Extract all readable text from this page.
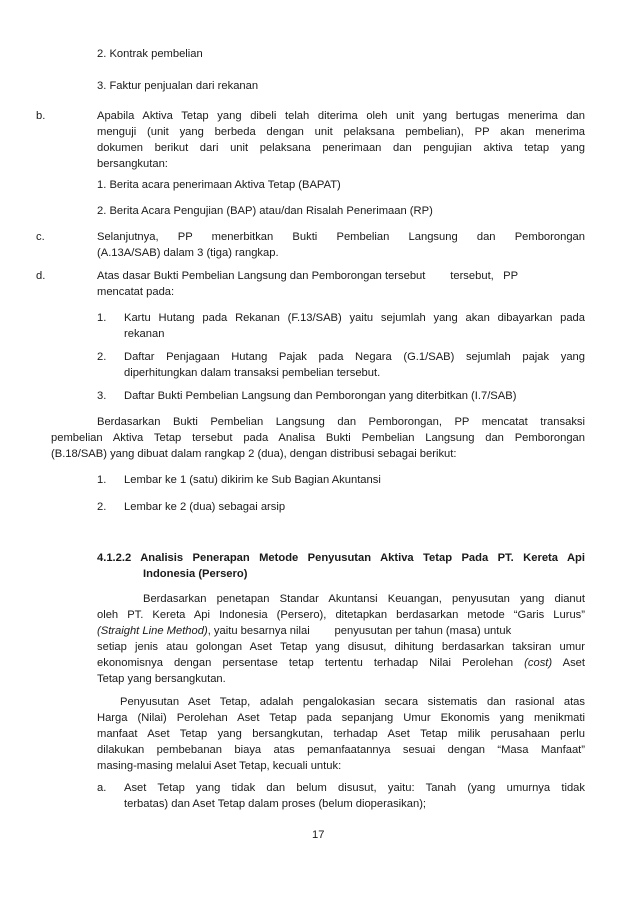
2. Kontrak pembelian
3. Faktur penjualan dari rekanan
b.	Apabila Aktiva Tetap yang dibeli telah diterima oleh unit yang bertugas menerima dan
menguji (unit yang berbeda dengan unit pelaksana pembelian), PP akan menerima
dokumen berikut dari unit pelaksana penerimaan dan pengujian aktiva tetap yang
bersangkutan:
1. Berita acara penerimaan Aktiva Tetap (BAPAT)
2. Berita Acara Pengujian (BAP) atau/dan Risalah Penerimaan (RP)
c.	Selanjutnya, PP menerbitkan Bukti Pembelian Langsung dan Pemborongan
(A.13A/SAB) dalam 3 (tiga) rangkap.
d.	Atas dasar Bukti Pembelian Langsung dan Pemborongan tersebut        tersebut,   PP
mencatat pada:
1. Kartu Hutang pada Rekanan (F.13/SAB) yaitu sejumlah yang akan dibayarkan pada
rekanan
2. Daftar Penjagaan Hutang Pajak pada Negara (G.1/SAB) sejumlah pajak yang
diperhitungkan dalam transaksi pembelian tersebut.
3. Daftar Bukti Pembelian Langsung dan Pemborongan yang diterbitkan (I.7/SAB)
Berdasarkan Bukti Pembelian Langsung dan Pemborongan, PP mencatat transaksi
pembelian Aktiva Tetap tersebut pada Analisa Bukti Pembelian Langsung dan Pemborongan
(B.18/SAB) yang dibuat dalam rangkap 2 (dua), dengan distribusi sebagai berikut:
1. Lembar ke 1 (satu) dikirim ke Sub Bagian Akuntansi
2. Lembar ke 2 (dua) sebagai arsip
4.1.2.2 Analisis Penerapan Metode Penyusutan Aktiva Tetap Pada PT. Kereta Api
Indonesia (Persero)
Berdasarkan penetapan Standar Akuntansi Keuangan, penyusutan yang dianut
oleh PT. Kereta Api Indonesia (Persero), ditetapkan berdasarkan metode “Garis Lurus”
(Straight Line Method), yaitu besarnya nilai        penyusutan per tahun (masa) untuk
setiap jenis atau golongan Aset Tetap yang disusut, dihitung berdasarkan taksiran umur
ekonomisnya dengan persentase tetap tertentu terhadap Nilai Perolehan (cost) Aset
Tetap yang bersangkutan.
Penyusutan Aset Tetap, adalah pengalokasian secara sistematis dan rasional atas
Harga (Nilai) Perolehan Aset Tetap pada sepanjang Umur Ekonomis yang menikmati
manfaat Aset Tetap yang bersangkutan, terhadap Aset Tetap milik perusahaan perlu
dilakukan pembebanan biaya atas pemanfaatannya sesuai dengan “Masa Manfaat”
masing-masing melalui Aset Tetap, kecuali untuk:
a. Aset Tetap yang tidak dan belum disusut, yaitu: Tanah (yang umurnya tidak
terbatas) dan Aset Tetap dalam proses (belum dioperasikan);
17
